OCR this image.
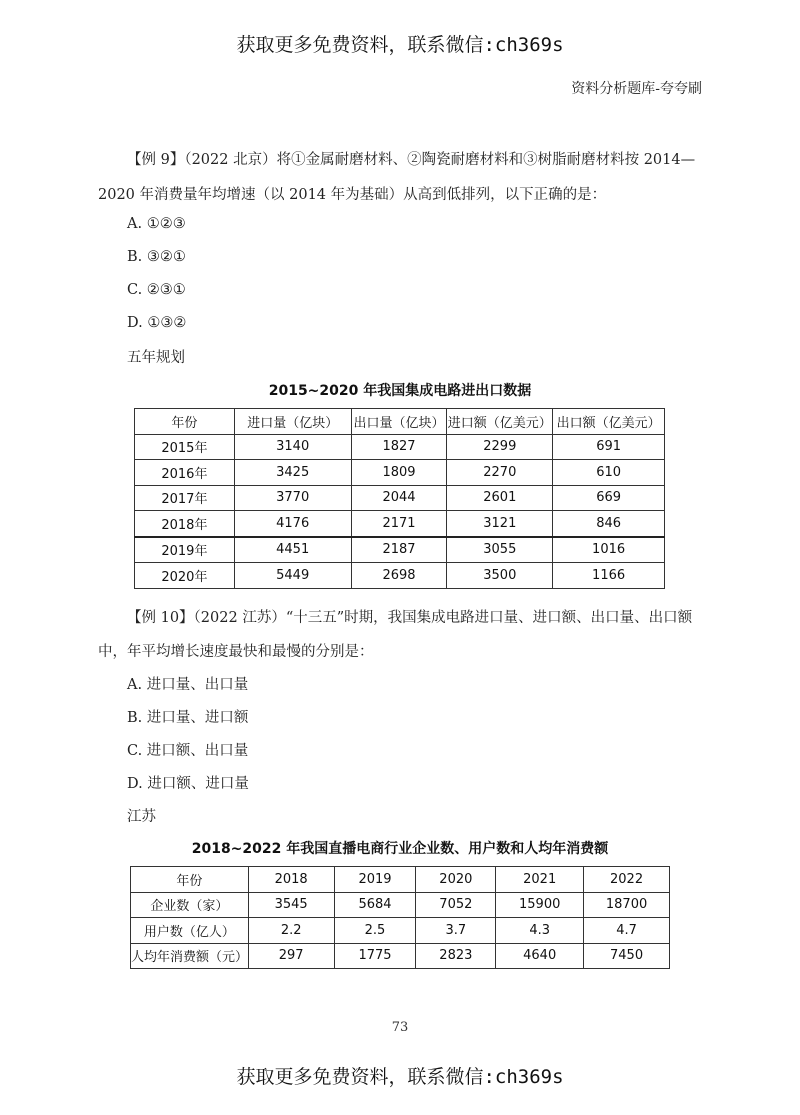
获取更多免费资料，联系微信:ch369s
资料分析题库-夸夸刷
【例 9】（2022 北京）将①金属耐磨材料、②陶瓷耐磨材料和③树脂耐磨材料按 2014—
2020 年消费量年均增速（以 2014 年为基础）从高到低排列，以下正确的是：
A. ①②③
B. ③②①
C. ②③①
D. ①③②
五年规划
2015~2020 年我国集成电路进出口数据
年份	进口量（亿块）	出口量（亿块）	进口额（亿美元）	出口额（亿美元）
2015年	3140	1827	2299	691
2016年	3425	1809	2270	610
2017年	3770	2044	2601	669
2018年	4176	2171	3121	846
2019年	4451	2187	3055	1016
2020年	5449	2698	3500	1166
【例 10】（2022 江苏）“十三五”时期，我国集成电路进口量、进口额、出口量、出口额
中，年平均增长速度最快和最慢的分别是：
A. 进口量、出口量
B. 进口量、进口额
C. 进口额、出口量
D. 进口额、进口量
江苏
2018~2022 年我国直播电商行业企业数、用户数和人均年消费额
年份	2018	2019	2020	2021	2022
企业数（家）	3545	5684	7052	15900	18700
用户数（亿人）	2.2	2.5	3.7	4.3	4.7
人均年消费额（元）	297	1775	2823	4640	7450
73
获取更多免费资料，联系微信:ch369s
